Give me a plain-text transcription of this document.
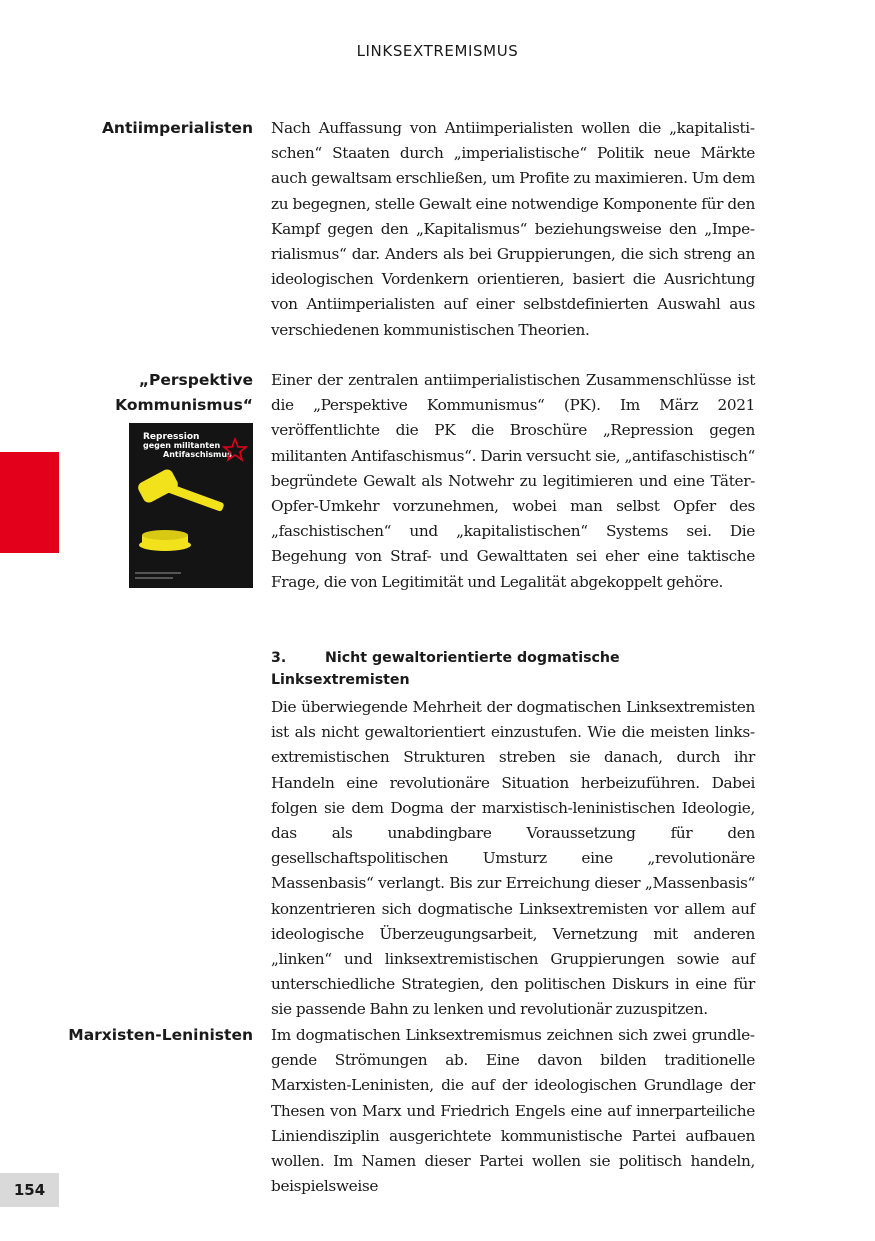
LINKSEXTREMISMUS
154
Antiimperialisten Nach Auffassung von Antiimperialisten wollen die „kapitalistischen“ Staaten durch „imperialistische“ Politik neue Märkte auch gewaltsam erschließen, um Profite zu maximieren. Um dem zu begegnen, stelle Gewalt eine notwendige Komponente für den Kampf gegen den „Kapitalismus“ beziehungsweise den „Imperialismus“ dar. Anders als bei Gruppierungen, die sich streng an ideologischen Vordenkern orientieren, basiert die Ausrichtung von Antiimperialisten auf einer selbstdefinierten Auswahl aus verschiedenen kommunistischen Theorien.
„Perspektive
Kommunismus“
Einer der zentralen antiimperialistischen Zusammenschlüsse ist die „Perspektive Kommunismus“ (PK). Im März 2021 veröffentlichte die PK die Broschüre „Repression gegen militanten Antifaschismus“. Darin versucht sie, „antifaschistisch“ begründete Gewalt als Notwehr zu legitimieren und eine Täter-Opfer-Umkehr vorzunehmen, wobei man selbst Opfer des „faschistischen“ und „kapitalistischen“ Systems sei. Die Begehung von Straf- und Gewalttaten sei eher eine taktische Frage, die von Legitimität und Legalität abgekoppelt gehöre.
Repression
gegen militanten
Antifaschismus
3.	Nicht gewaltorientierte dogmatische Linksextremisten
Die überwiegende Mehrheit der dogmatischen Linksextremisten ist als nicht gewaltorientiert einzustufen. Wie die meisten linksextremistischen Strukturen streben sie danach, durch ihr Handeln eine revolutionäre Situation herbeizuführen. Dabei folgen sie dem Dogma der marxistisch-leninistischen Ideologie, das als unabdingbare Voraussetzung für den gesellschaftspolitischen Umsturz eine „revolutionäre Massenbasis“ verlangt. Bis zur Erreichung dieser „Massenbasis“ konzentrieren sich dogmatische Linksextremisten vor allem auf ideologische Überzeugungsarbeit, Vernetzung mit anderen „linken“ und linksextremistischen Gruppierungen sowie auf unterschiedliche Strategien, den politischen Diskurs in eine für sie passende Bahn zu lenken und revolutionär zuzuspitzen.
Marxisten-Leninisten Im dogmatischen Linksextremismus zeichnen sich zwei grundlegende Strömungen ab. Eine davon bilden traditionelle Marxisten-Leninisten, die auf der ideologischen Grundlage der Thesen von Marx und Friedrich Engels eine auf innerparteiliche Liniendisziplin ausgerichtete kommunistische Partei aufbauen wollen. Im Namen dieser Partei wollen sie politisch handeln, beispielsweise
